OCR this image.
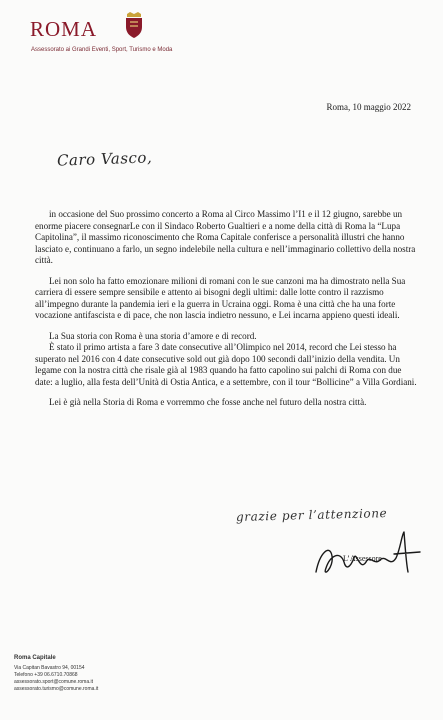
ROMA
Assessorato ai Grandi Eventi, Sport, Turismo e Moda
Roma, 10 maggio 2022
Caro Vasco,

in occasione del Suo prossimo concerto a Roma al Circo Massimo l’I1 e il 12 giugno, sarebbe un enorme piacere consegnarLe con il Sindaco Roberto Gualtieri e a nome della città di Roma la “Lupa Capitolina”, il massimo riconoscimento che Roma Capitale conferisce a personalità illustri che hanno lasciato e, continuano a farlo, un segno indelebile nella cultura e nell’immaginario collettivo della nostra città.

Lei non solo ha fatto emozionare milioni di romani con le sue canzoni ma ha dimostrato nella Sua carriera di essere sempre sensibile e attento ai bisogni degli ultimi: dalle lotte contro il razzismo all’impegno durante la pandemia ieri e la guerra in Ucraina oggi. Roma è una città che ha una forte vocazione antifascista e di pace, che non lascia indietro nessuno, e Lei incarna appieno questi ideali.

La Sua storia con Roma è una storia d’amore e di record.

È stato il primo artista a fare 3 date consecutive all’Olimpico nel 2014, record che Lei stesso ha superato nel 2016 con 4 date consecutive sold out già dopo 100 secondi dall’inizio della vendita. Un legame con la nostra città che risale già al 1983 quando ha fatto capolino sui palchi di Roma con due date: a luglio, alla festa dell’Unità di Ostia Antica, e a settembre, con il tour “Bollicine” a Villa Gordiani.

Lei è già nella Storia di Roma e vorremmo che fosse anche nel futuro della nostra città.

grazie per l’attenzione
L’Assessore
Roma Capitale
Via Capitan Bavastro 94, 00154
Telefono +39 06.6710.70868
assessorato.sport@comune.roma.it
assessorato.turismo@comune.roma.it
